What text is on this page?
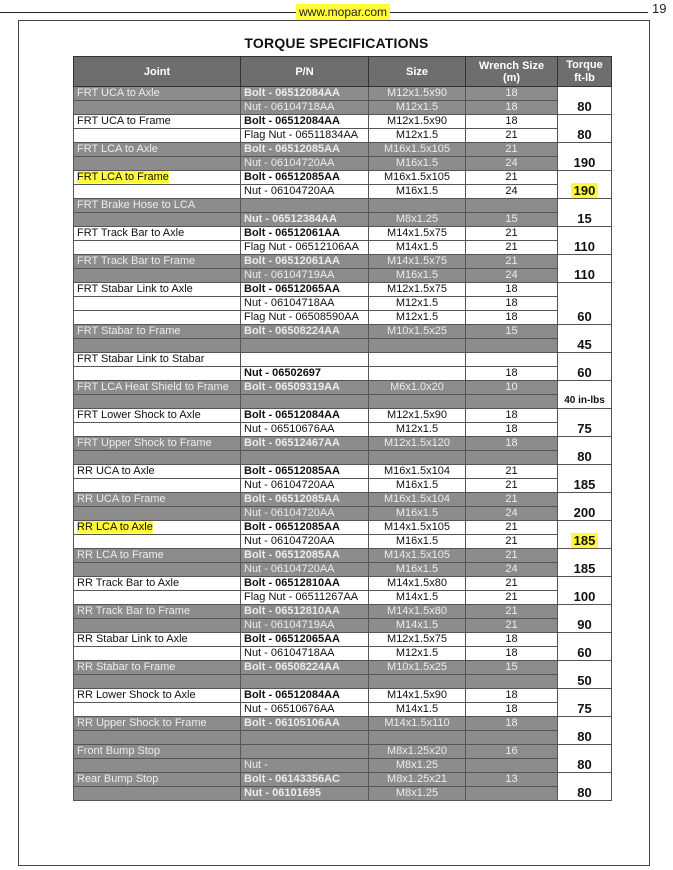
www.mopar.com	19
TORQUE SPECIFICATIONS
Joint	P/N	Size	Wrench Size (m)	Torque
ft-lb
FRT UCA to Axle	Bolt - 06512084AA	M12x1.5x90	18	80
	Nut - 06104718AA	M12x1.5	18	
FRT UCA to Frame	Bolt - 06512084AA	M12x1.5x90	18	80
	Flag Nut - 06511834AA	M12x1.5	21	
FRT LCA to Axle	Bolt - 06512085AA	M16x1.5x105	21	190
	Nut - 06104720AA	M16x1.5	24	
FRT LCA to Frame	Bolt - 06512085AA	M16x1.5x105	21	190
	Nut - 06104720AA	M16x1.5	24	
FRT Brake Hose to LCA				15
	Nut - 06512384AA	M8x1.25	15	
FRT Track Bar to Axle	Bolt - 06512061AA	M14x1.5x75	21	110
	Flag Nut - 06512106AA	M14x1.5	21	
FRT Track Bar to Frame	Bolt - 06512061AA	M14x1.5x75	21	110
	Nut - 06104719AA	M16x1.5	24	
FRT Stabar Link to Axle	Bolt - 06512065AA	M12x1.5x75	18	60
	Nut - 06104718AA	M12x1.5	18	
	Flag Nut - 06508590AA	M12x1.5	18	
FRT Stabar to Frame	Bolt - 06508224AA	M10x1.5x25	15	45

FRT Stabar Link to Stabar				60
	Nut - 06502697		18	
FRT LCA Heat Shield to Frame	Bolt - 06509319AA	M6x1.0x20	10	40 in-lbs

FRT Lower Shock to Axle	Bolt - 06512084AA	M12x1.5x90	18	75
	Nut - 06510676AA	M12x1.5	18	
FRT Upper Shock to Frame	Bolt - 06512467AA	M12x1.5x120	18	80

RR UCA to Axle	Bolt - 06512085AA	M16x1.5x104	21	185
	Nut - 06104720AA	M16x1.5	21	
RR UCA to Frame	Bolt - 06512085AA	M16x1.5x104	21	200
	Nut - 06104720AA	M16x1.5	24	
RR LCA to Axle	Bolt - 06512085AA	M14x1.5x105	21	185
	Nut - 06104720AA	M16x1.5	21	
RR LCA to Frame	Bolt - 06512085AA	M14x1.5x105	21	185
	Nut - 06104720AA	M16x1.5	24	
RR Track Bar to Axle	Bolt - 06512810AA	M14x1.5x80	21	100
	Flag Nut - 06511267AA	M14x1.5	21	
RR Track Bar to Frame	Bolt - 06512810AA	M14x1.5x80	21	90
	Nut - 06104719AA	M14x1.5	21	
RR Stabar Link to Axle	Bolt - 06512065AA	M12x1.5x75	18	60
	Nut - 06104718AA	M12x1.5	18	
RR Stabar to Frame	Bolt - 06508224AA	M10x1.5x25	15	50

RR Lower Shock to Axle	Bolt - 06512084AA	M14x1.5x90	18	75
	Nut - 06510676AA	M14x1.5	18	
RR Upper Shock to Frame	Bolt - 06105106AA	M14x1.5x110	18	80

Front Bump Stop		M8x1.25x20	16	80
	Nut -	M8x1.25		
Rear Bump Stop	Bolt - 06143356AC	M8x1.25x21	13	80
	Nut - 06101695	M8x1.25		
